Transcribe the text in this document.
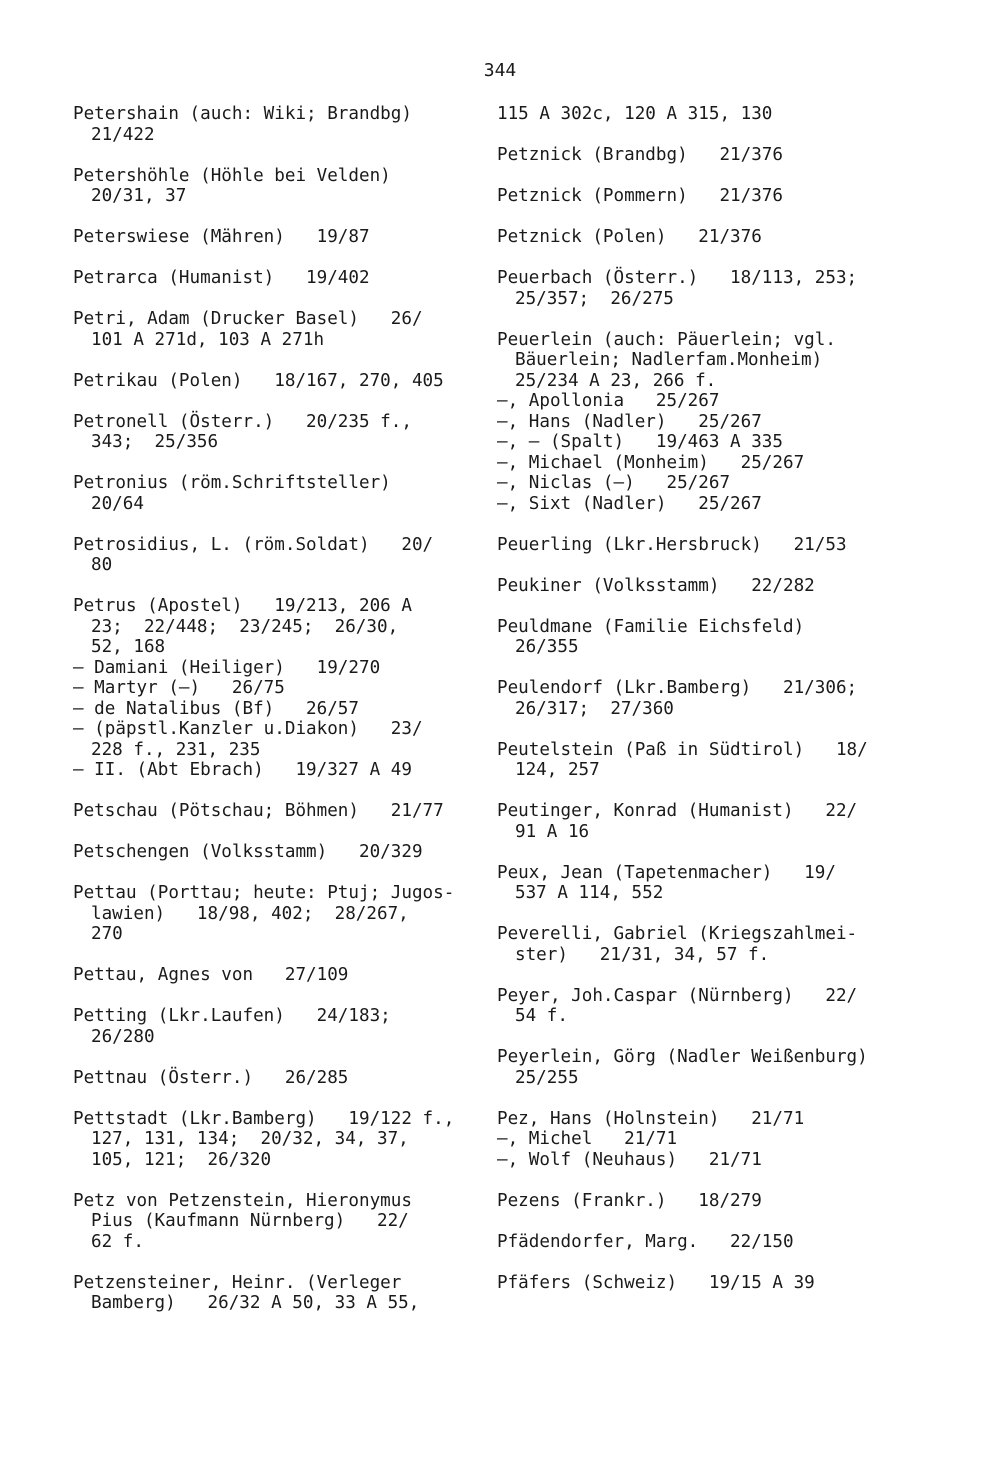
344
Petershain (auch: Wiki; Brandbg)
21/422
Petershöhle (Höhle bei Velden)
20/31, 37
Peterswiese (Mähren)   19/87
Petrarca (Humanist)   19/402
Petri, Adam (Drucker Basel)   26/
101 A 271d, 103 A 271h
Petrikau (Polen)   18/167, 270, 405
Petronell (Österr.)   20/235 f.,
343;  25/356
Petronius (röm.Schriftsteller)
20/64
Petrosidius, L. (röm.Soldat)   20/
80
Petrus (Apostel)   19/213, 206 A
23;  22/448;  23/245;  26/30,
52, 168
— Damiani (Heiliger)   19/270
— Martyr (—)   26/75
— de Natalibus (Bf)   26/57
— (päpstl.Kanzler u.Diakon)   23/
228 f., 231, 235
— II. (Abt Ebrach)   19/327 A 49
Petschau (Pötschau; Böhmen)   21/77
Petschengen (Volksstamm)   20/329
Pettau (Porttau; heute: Ptuj; Jugos-
lawien)   18/98, 402;  28/267,
270
Pettau, Agnes von   27/109
Petting (Lkr.Laufen)   24/183;
26/280
Pettnau (Österr.)   26/285
Pettstadt (Lkr.Bamberg)   19/122 f.,
127, 131, 134;  20/32, 34, 37,
105, 121;  26/320
Petz von Petzenstein, Hieronymus
Pius (Kaufmann Nürnberg)   22/
62 f.
Petzensteiner, Heinr. (Verleger
Bamberg)   26/32 A 50, 33 A 55,
115 A 302c, 120 A 315, 130
Petznick (Brandbg)   21/376
Petznick (Pommern)   21/376
Petznick (Polen)   21/376
Peuerbach (Österr.)   18/113, 253;
25/357;  26/275
Peuerlein (auch: Päuerlein; vgl.
Bäuerlein; Nadlerfam.Monheim)
25/234 A 23, 266 f.
—, Apollonia   25/267
—, Hans (Nadler)   25/267
—, — (Spalt)   19/463 A 335
—, Michael (Monheim)   25/267
—, Niclas (—)   25/267
—, Sixt (Nadler)   25/267
Peuerling (Lkr.Hersbruck)   21/53
Peukiner (Volksstamm)   22/282
Peuldmane (Familie Eichsfeld)
26/355
Peulendorf (Lkr.Bamberg)   21/306;
26/317;  27/360
Peutelstein (Paß in Südtirol)   18/
124, 257
Peutinger, Konrad (Humanist)   22/
91 A 16
Peux, Jean (Tapetenmacher)   19/
537 A 114, 552
Peverelli, Gabriel (Kriegszahlmei-
ster)   21/31, 34, 57 f.
Peyer, Joh.Caspar (Nürnberg)   22/
54 f.
Peyerlein, Görg (Nadler Weißenburg)
25/255
Pez, Hans (Holnstein)   21/71
—, Michel   21/71
—, Wolf (Neuhaus)   21/71
Pezens (Frankr.)   18/279
Pfädendorfer, Marg.   22/150
Pfäfers (Schweiz)   19/15 A 39
